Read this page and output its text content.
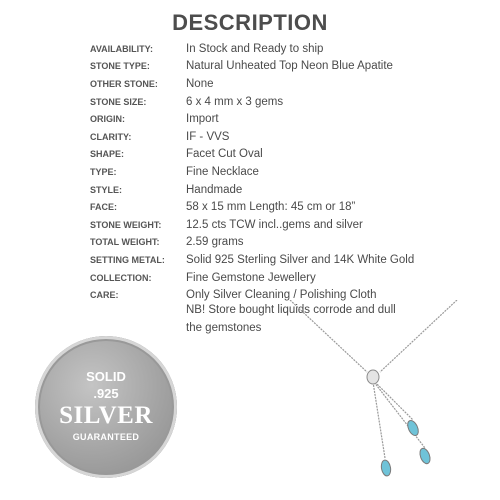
DESCRIPTION
AVAILABILITY:	In Stock and Ready to ship
STONE TYPE:	Natural Unheated Top Neon Blue Apatite
OTHER STONE:	None
STONE SIZE:	6 x 4 mm x 3 gems
ORIGIN:	Import
CLARITY:	IF - VVS
SHAPE:	Facet Cut Oval
TYPE:	Fine Necklace
STYLE:	Handmade
FACE:	58 x 15 mm Length: 45 cm or 18”
STONE WEIGHT:	12.5 cts TCW incl..gems and silver
TOTAL WEIGHT:	2.59 grams
SETTING METAL:	Solid 925 Sterling Silver and 14K White Gold
COLLECTION:	Fine Gemstone Jewellery
CARE:	Only Silver Cleaning / Polishing Cloth
NB! Store bought liquids corrode and dull
the gemstones
SOLID
.925
SILVER
GUARANTEED
